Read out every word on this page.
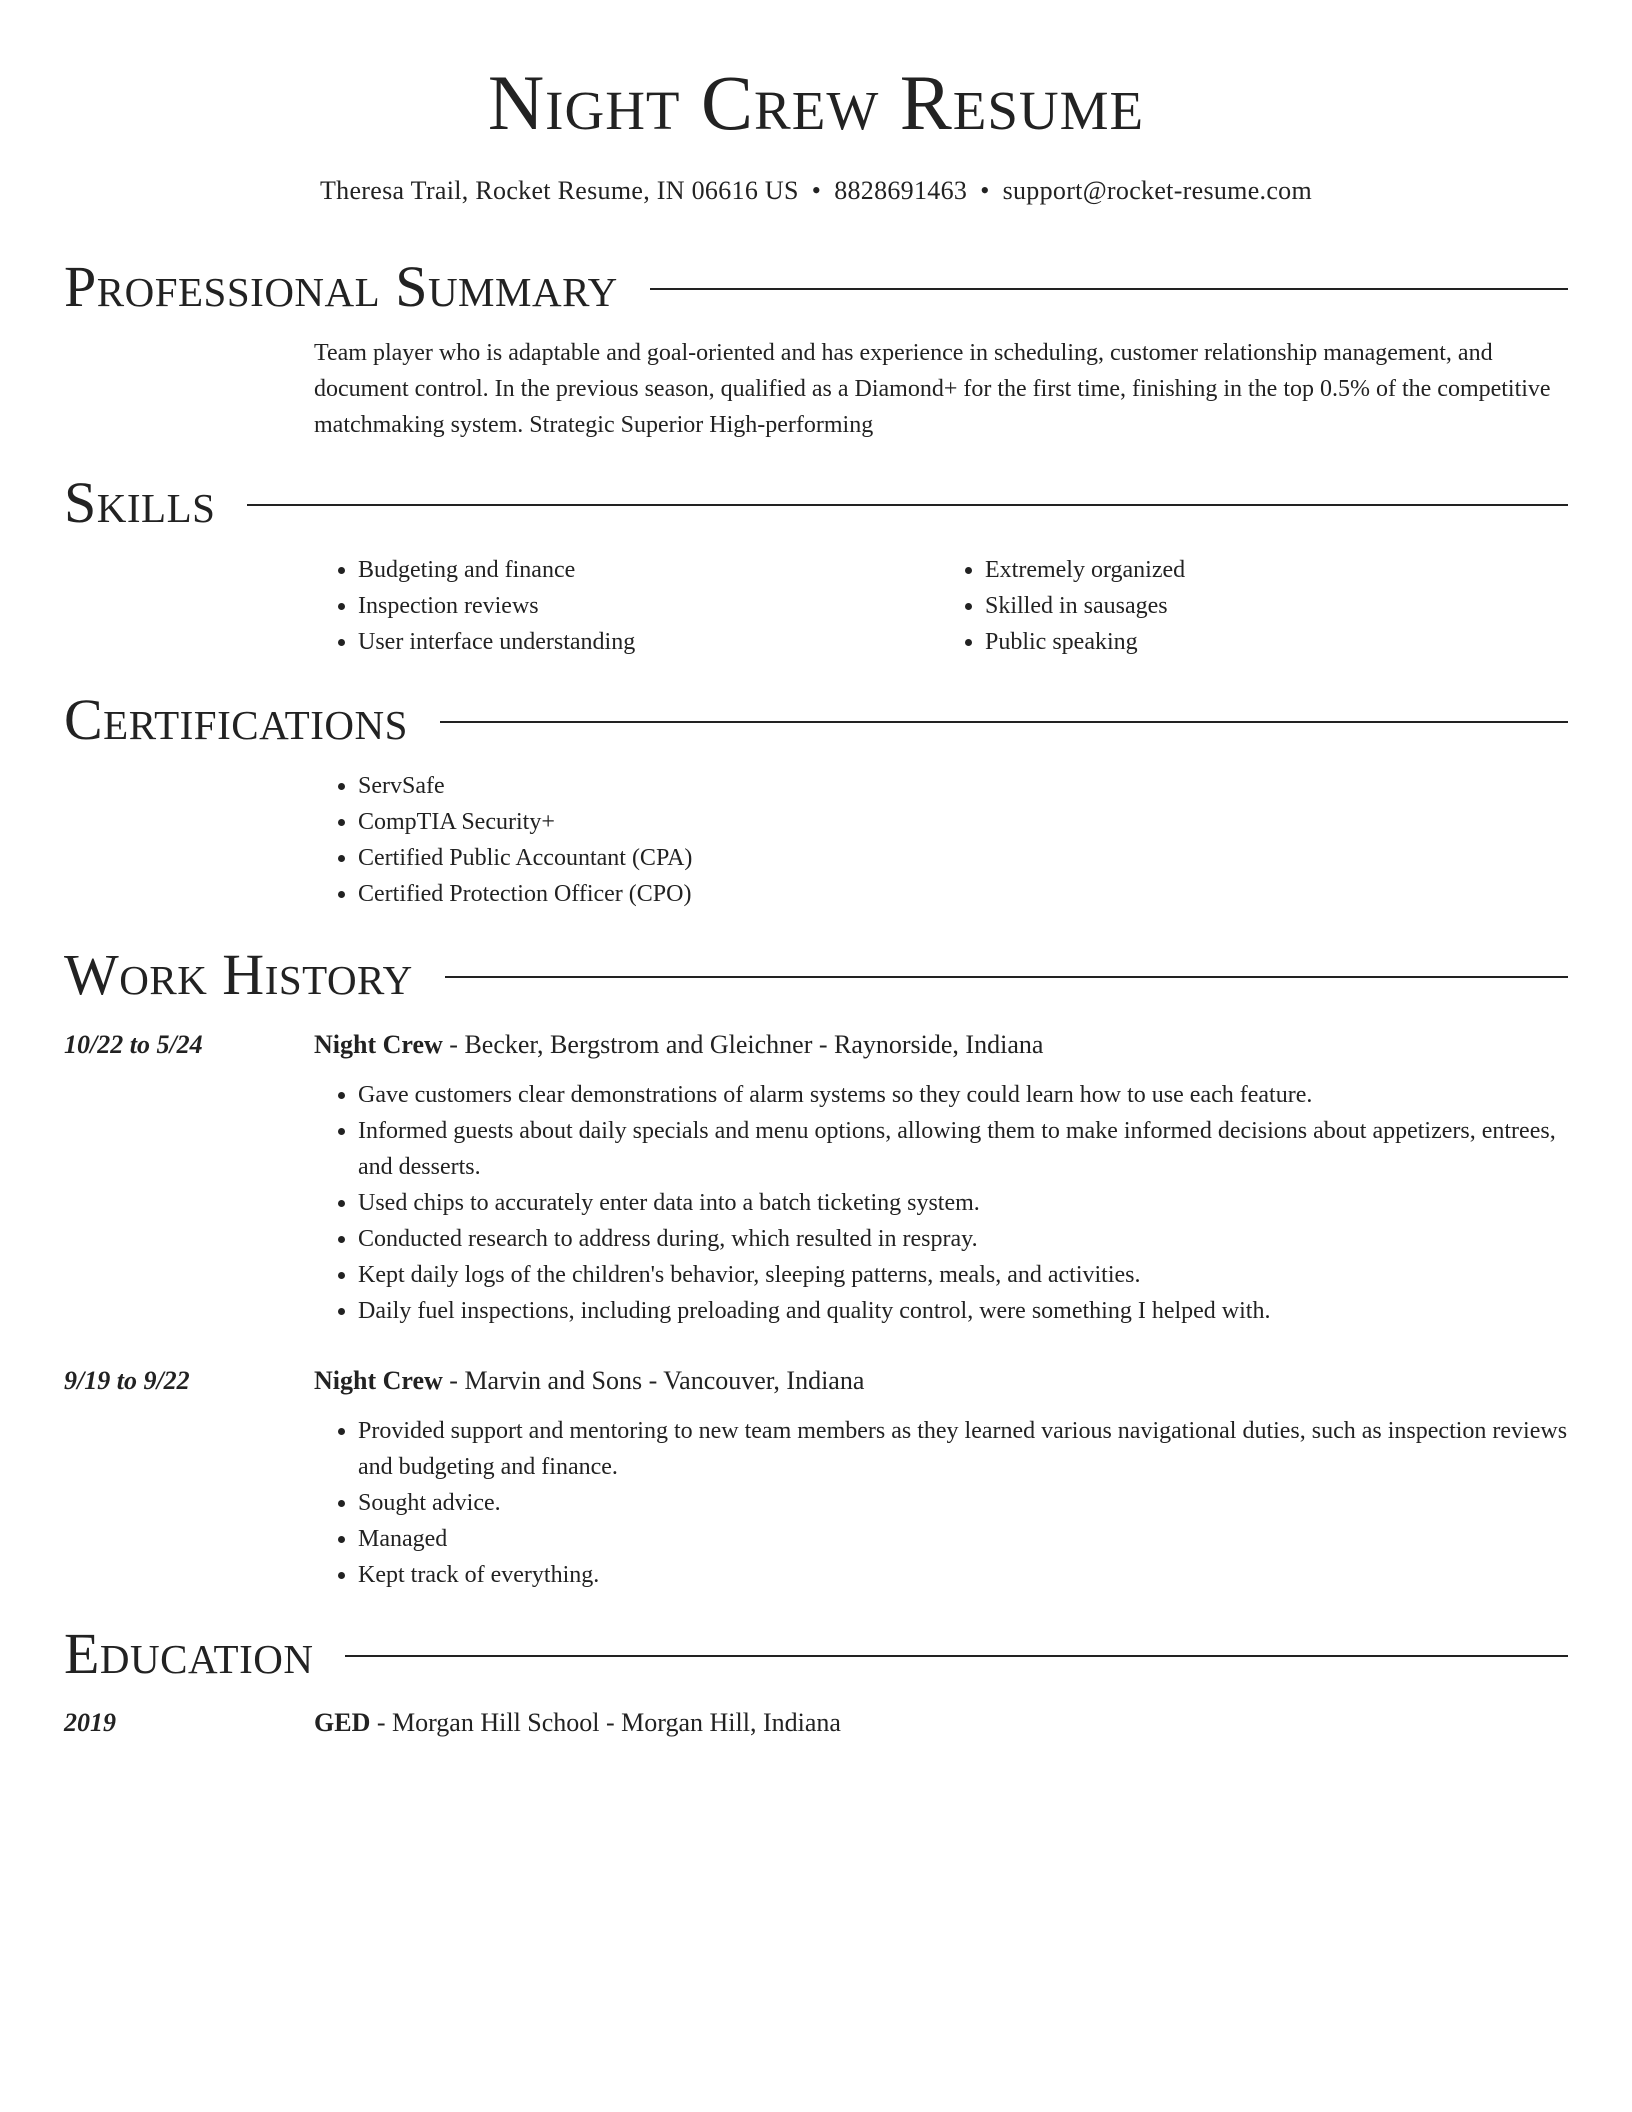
Night Crew Resume
Theresa Trail, Rocket Resume, IN 06616 US • 8828691463 • support@rocket-resume.com
Professional Summary

Team player who is adaptable and goal-oriented and has experience in scheduling, customer relationship management, and document control. In the previous season, qualified as a Diamond+ for the first time, finishing in the top 0.5% of the competitive matchmaking system. Strategic Superior High-performing

Skills
• Budgeting and finance
• Inspection reviews
• User interface understanding
• Extremely organized
• Skilled in sausages
• Public speaking
Certifications
• ServSafe
• CompTIA Security+
• Certified Public Accountant (CPA)
• Certified Protection Officer (CPO)
Work History
10/22 to 5/24	Night Crew - Becker, Bergstrom and Gleichner - Raynorside, Indiana

• Gave customers clear demonstrations of alarm systems so they could learn how to use each feature.
• Informed guests about daily specials and menu options, allowing them to make informed decisions about appetizers, entrees, and desserts.
• Used chips to accurately enter data into a batch ticketing system.
• Conducted research to address during, which resulted in respray.
• Kept daily logs of the children's behavior, sleeping patterns, meals, and activities.
• Daily fuel inspections, including preloading and quality control, were something I helped with.
9/19 to 9/22	Night Crew - Marvin and Sons - Vancouver, Indiana

• Provided support and mentoring to new team members as they learned various navigational duties, such as inspection reviews and budgeting and finance.
• Sought advice.
• Managed
• Kept track of everything.
Education
2019	GED - Morgan Hill School - Morgan Hill, Indiana
